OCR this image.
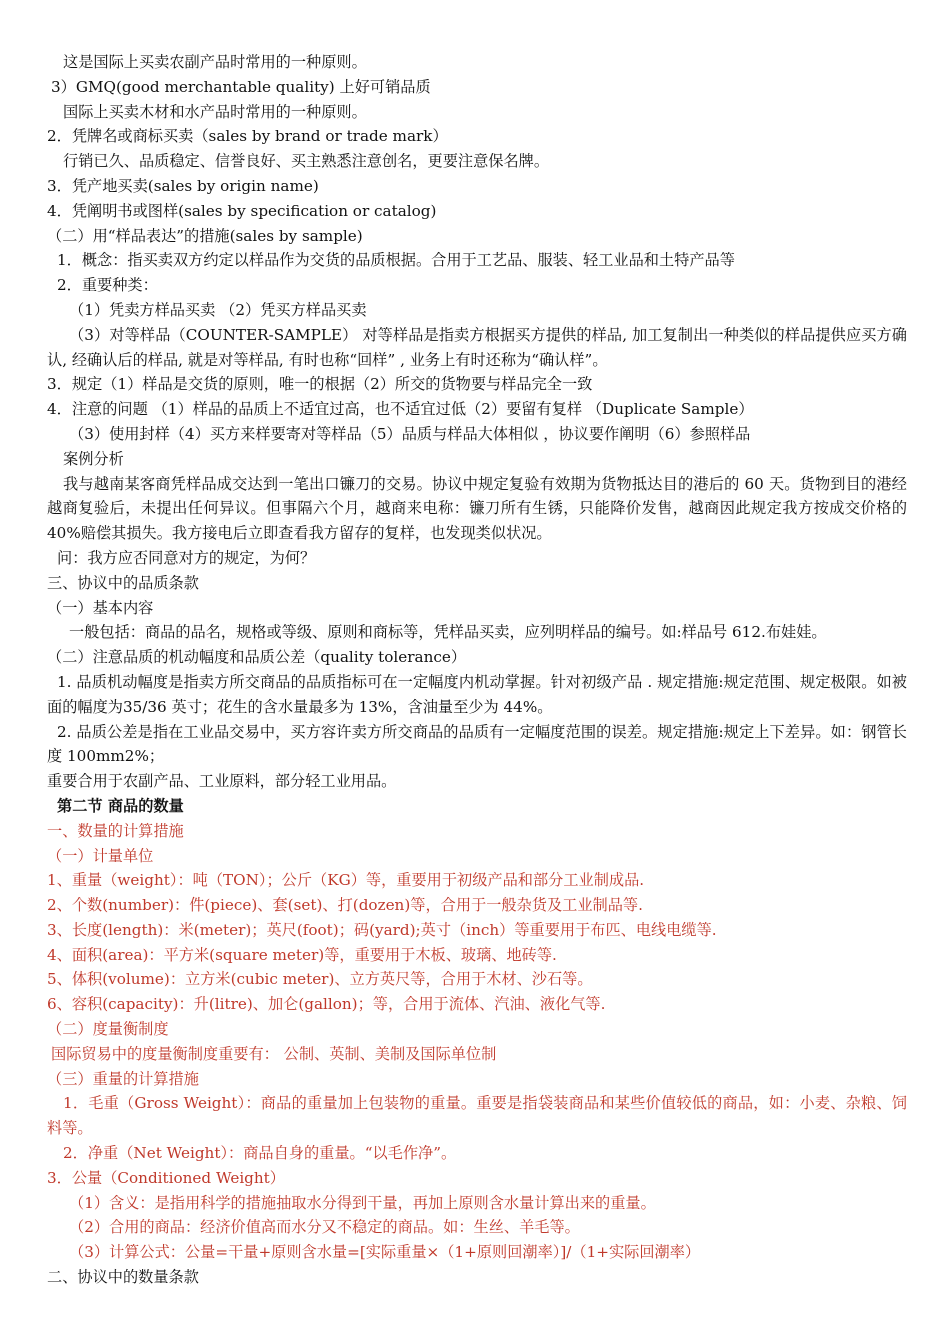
这是国际上买卖农副产品时常用的一种原则。
3）GMQ(good merchantable quality) 上好可销品质
国际上买卖木材和水产品时常用的一种原则。
2．凭牌名或商标买卖（sales by brand or trade mark）
行销已久、品质稳定、信誉良好、买主熟悉注意创名，更要注意保名牌。
3．凭产地买卖(sales by origin name)
4．凭阐明书或图样(sales by specification or catalog)
（二）用“样品表达”的措施(sales by sample)
1．概念：指买卖双方约定以样品作为交货的品质根据。合用于工艺品、服装、轻工业品和土特产品等
2．重要种类：
（1）凭卖方样品买卖 （2）凭买方样品买卖
（3）对等样品（COUNTER-SAMPLE） 对等样品是指卖方根据买方提供的样品, 加工复制出一种类似的样品提供应买方确认, 经确认后的样品, 就是对等样品, 有时也称“回样” , 业务上有时还称为“确认样”。
3．规定（1）样品是交货的原则，唯一的根据（2）所交的货物要与样品完全一致
4．注意的问题 （1）样品的品质上不适宜过高，也不适宜过低（2）要留有复样 （Duplicate Sample）
（3）使用封样（4）买方来样要寄对等样品（5）品质与样品大体相似 ，协议要作阐明（6）参照样品
案例分析
我与越南某客商凭样品成交达到一笔出口镰刀的交易。协议中规定复验有效期为货物抵达目的港后的 60 天。货物到目的港经越商复验后，未提出任何异议。但事隔六个月，越商来电称：镰刀所有生锈，只能降价发售，越商因此规定我方按成交价格的 40%赔偿其损失。我方接电后立即查看我方留存的复样，也发现类似状况。
问：我方应否同意对方的规定，为何？
三、协议中的品质条款
（一）基本内容
一般包括：商品的品名，规格或等级、原则和商标等，凭样品买卖，应列明样品的编号。如:样品号 612.布娃娃。
（二）注意品质的机动幅度和品质公差（quality tolerance）
1. 品质机动幅度是指卖方所交商品的品质指标可在一定幅度内机动掌握。针对初级产品 . 规定措施:规定范围、规定极限。如被面的幅度为35/36 英寸；花生的含水量最多为 13%，含油量至少为 44%。
2. 品质公差是指在工业品交易中，买方容许卖方所交商品的品质有一定幅度范围的误差。规定措施:规定上下差异。如：钢管长度 100mm2%；
重要合用于农副产品、工业原料，部分轻工业用品。
第二节 商品的数量
一、数量的计算措施
（一）计量单位
1、重量（weight）：吨（TON）；公斤（KG）等，重要用于初级产品和部分工业制成品.
2、个数(number)：件(piece)、套(set)、打(dozen)等，合用于一般杂货及工业制品等.
3、长度(length)：米(meter)；英尺(foot)；码(yard);英寸（inch）等重要用于布匹、电线电缆等.
4、面积(area)：平方米(square meter)等，重要用于木板、玻璃、地砖等.
5、体积(volume)：立方米(cubic meter)、立方英尺等，合用于木材、沙石等。
6、容积(capacity)：升(litre)、加仑(gallon)；等，合用于流体、汽油、液化气等.
（二）度量衡制度
国际贸易中的度量衡制度重要有： 公制、英制、美制及国际单位制
（三）重量的计算措施
1．毛重（Gross Weight）：商品的重量加上包装物的重量。重要是指袋装商品和某些价值较低的商品，如：小麦、杂粮、饲料等。
2．净重（Net Weight）：商品自身的重量。“以毛作净”。
3．公量（Conditioned Weight）
（1）含义：是指用科学的措施抽取水分得到干量，再加上原则含水量计算出来的重量。
（2）合用的商品：经济价值高而水分又不稳定的商品。如：生丝、羊毛等。
（3）计算公式：公量=干量+原则含水量=[实际重量×（1+原则回潮率）]/（1+实际回潮率）
二、协议中的数量条款
